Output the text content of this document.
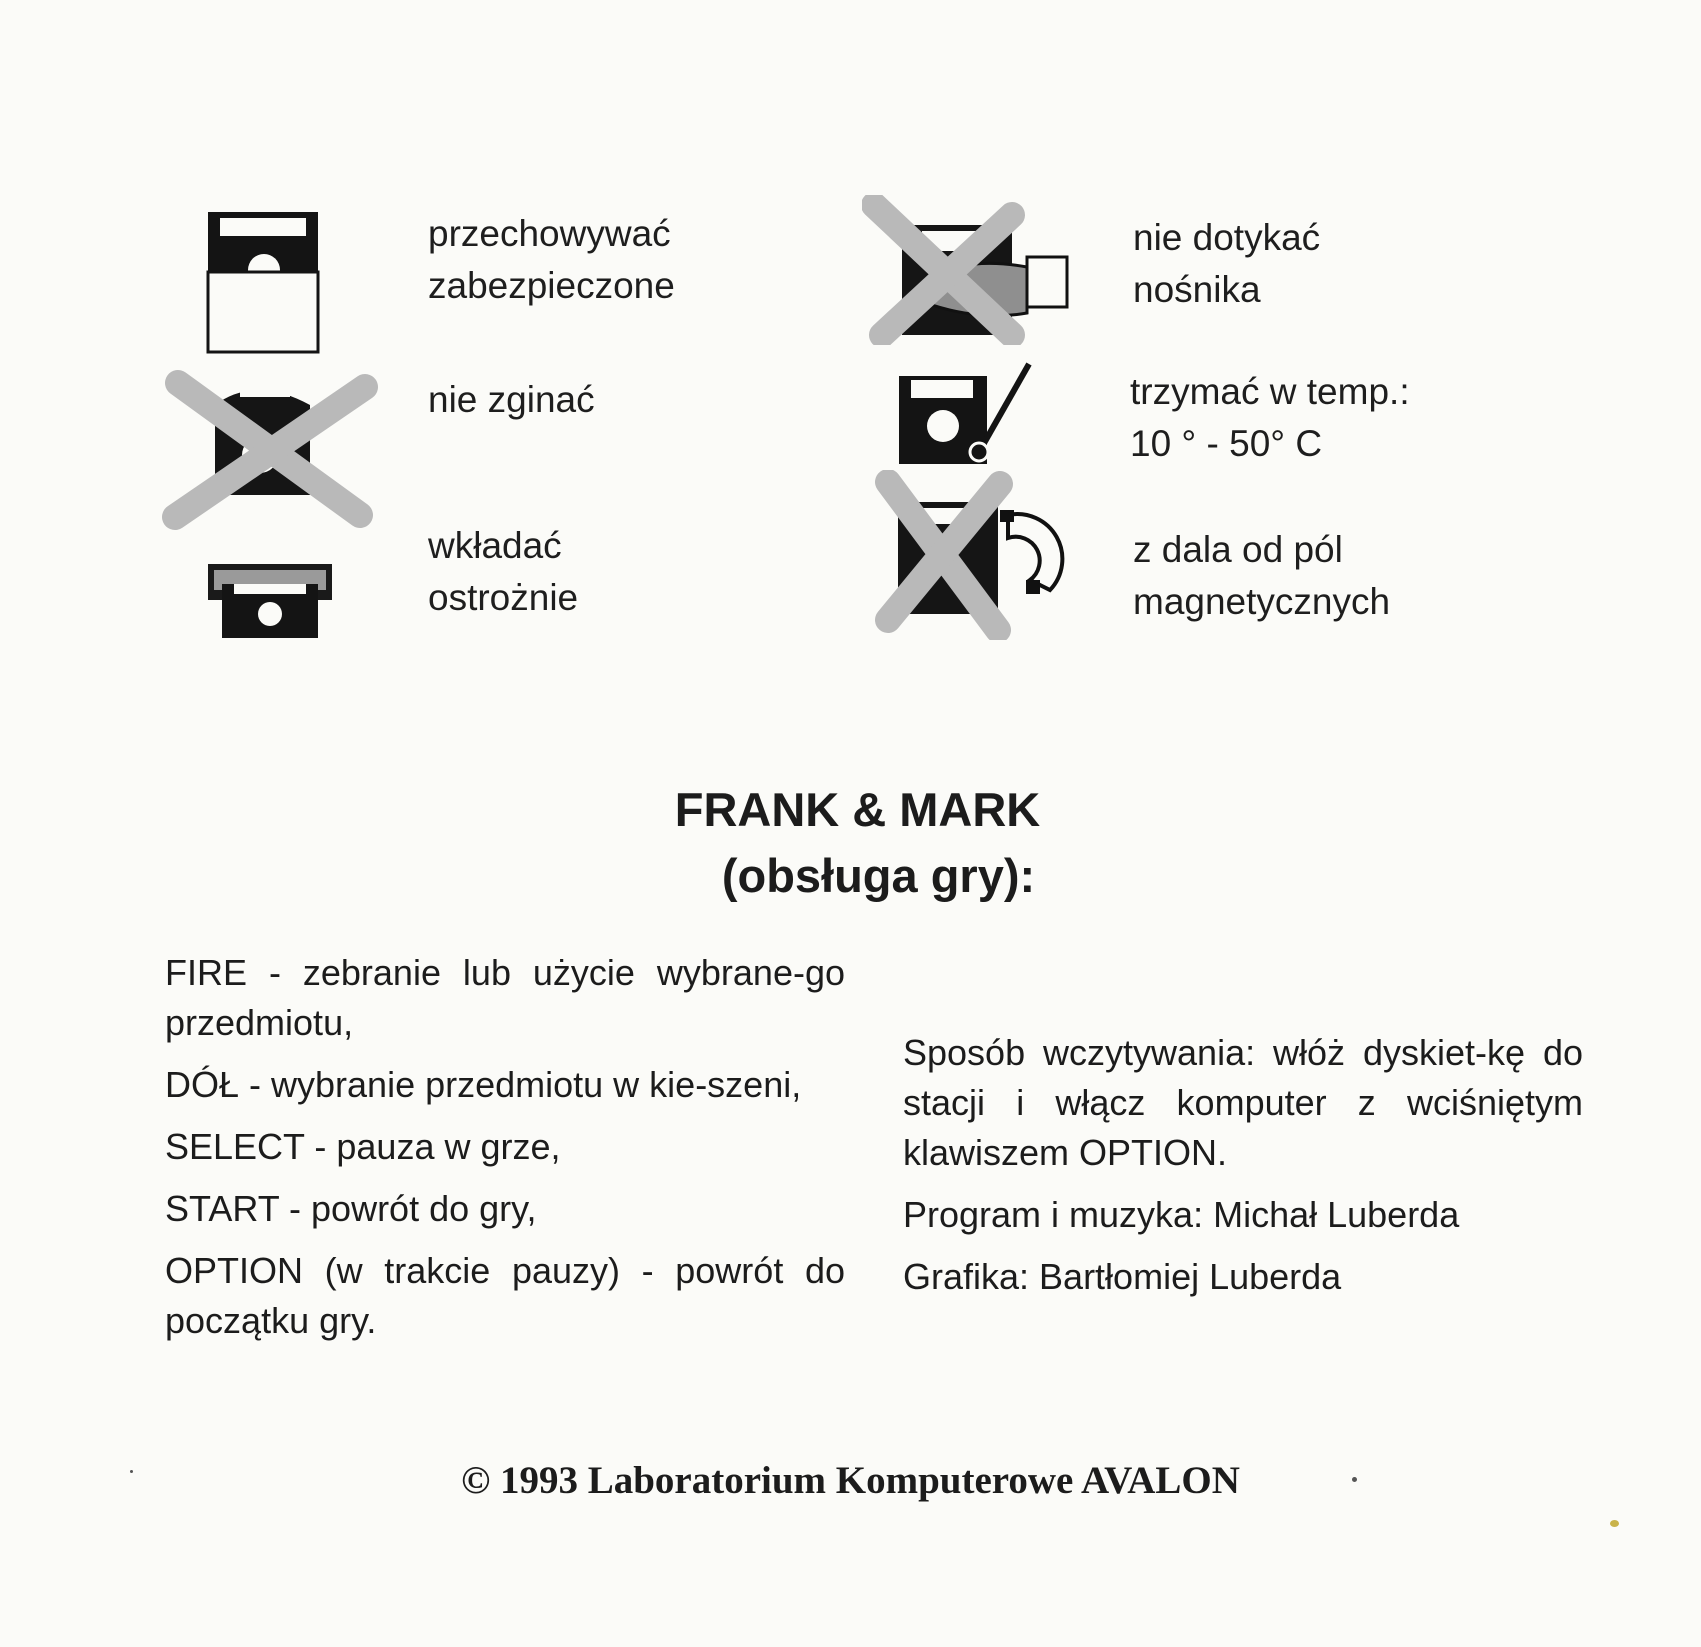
przechowywać
zabezpieczone
nie zginać
wkładać
ostrożnie
nie dotykać
nośnika
trzymać w temp.:
10 ° - 50° C
z dala od pól
magnetycznych
FRANK & MARK
(obsługa gry):

FIRE - zebranie lub użycie wybrane-go przedmiotu,

DÓŁ - wybranie przedmiotu w kie-szeni,

SELECT - pauza w grze,

START - powrót do gry,

OPTION (w trakcie pauzy) - powrót do początku gry.

Sposób wczytywania: włóż dyskiet-kę do stacji i włącz komputer z wciśniętym klawiszem OPTION.

Program i muzyka: Michał Luberda

Grafika: Bartłomiej Luberda

© 1993 Laboratorium Komputerowe AVALON
